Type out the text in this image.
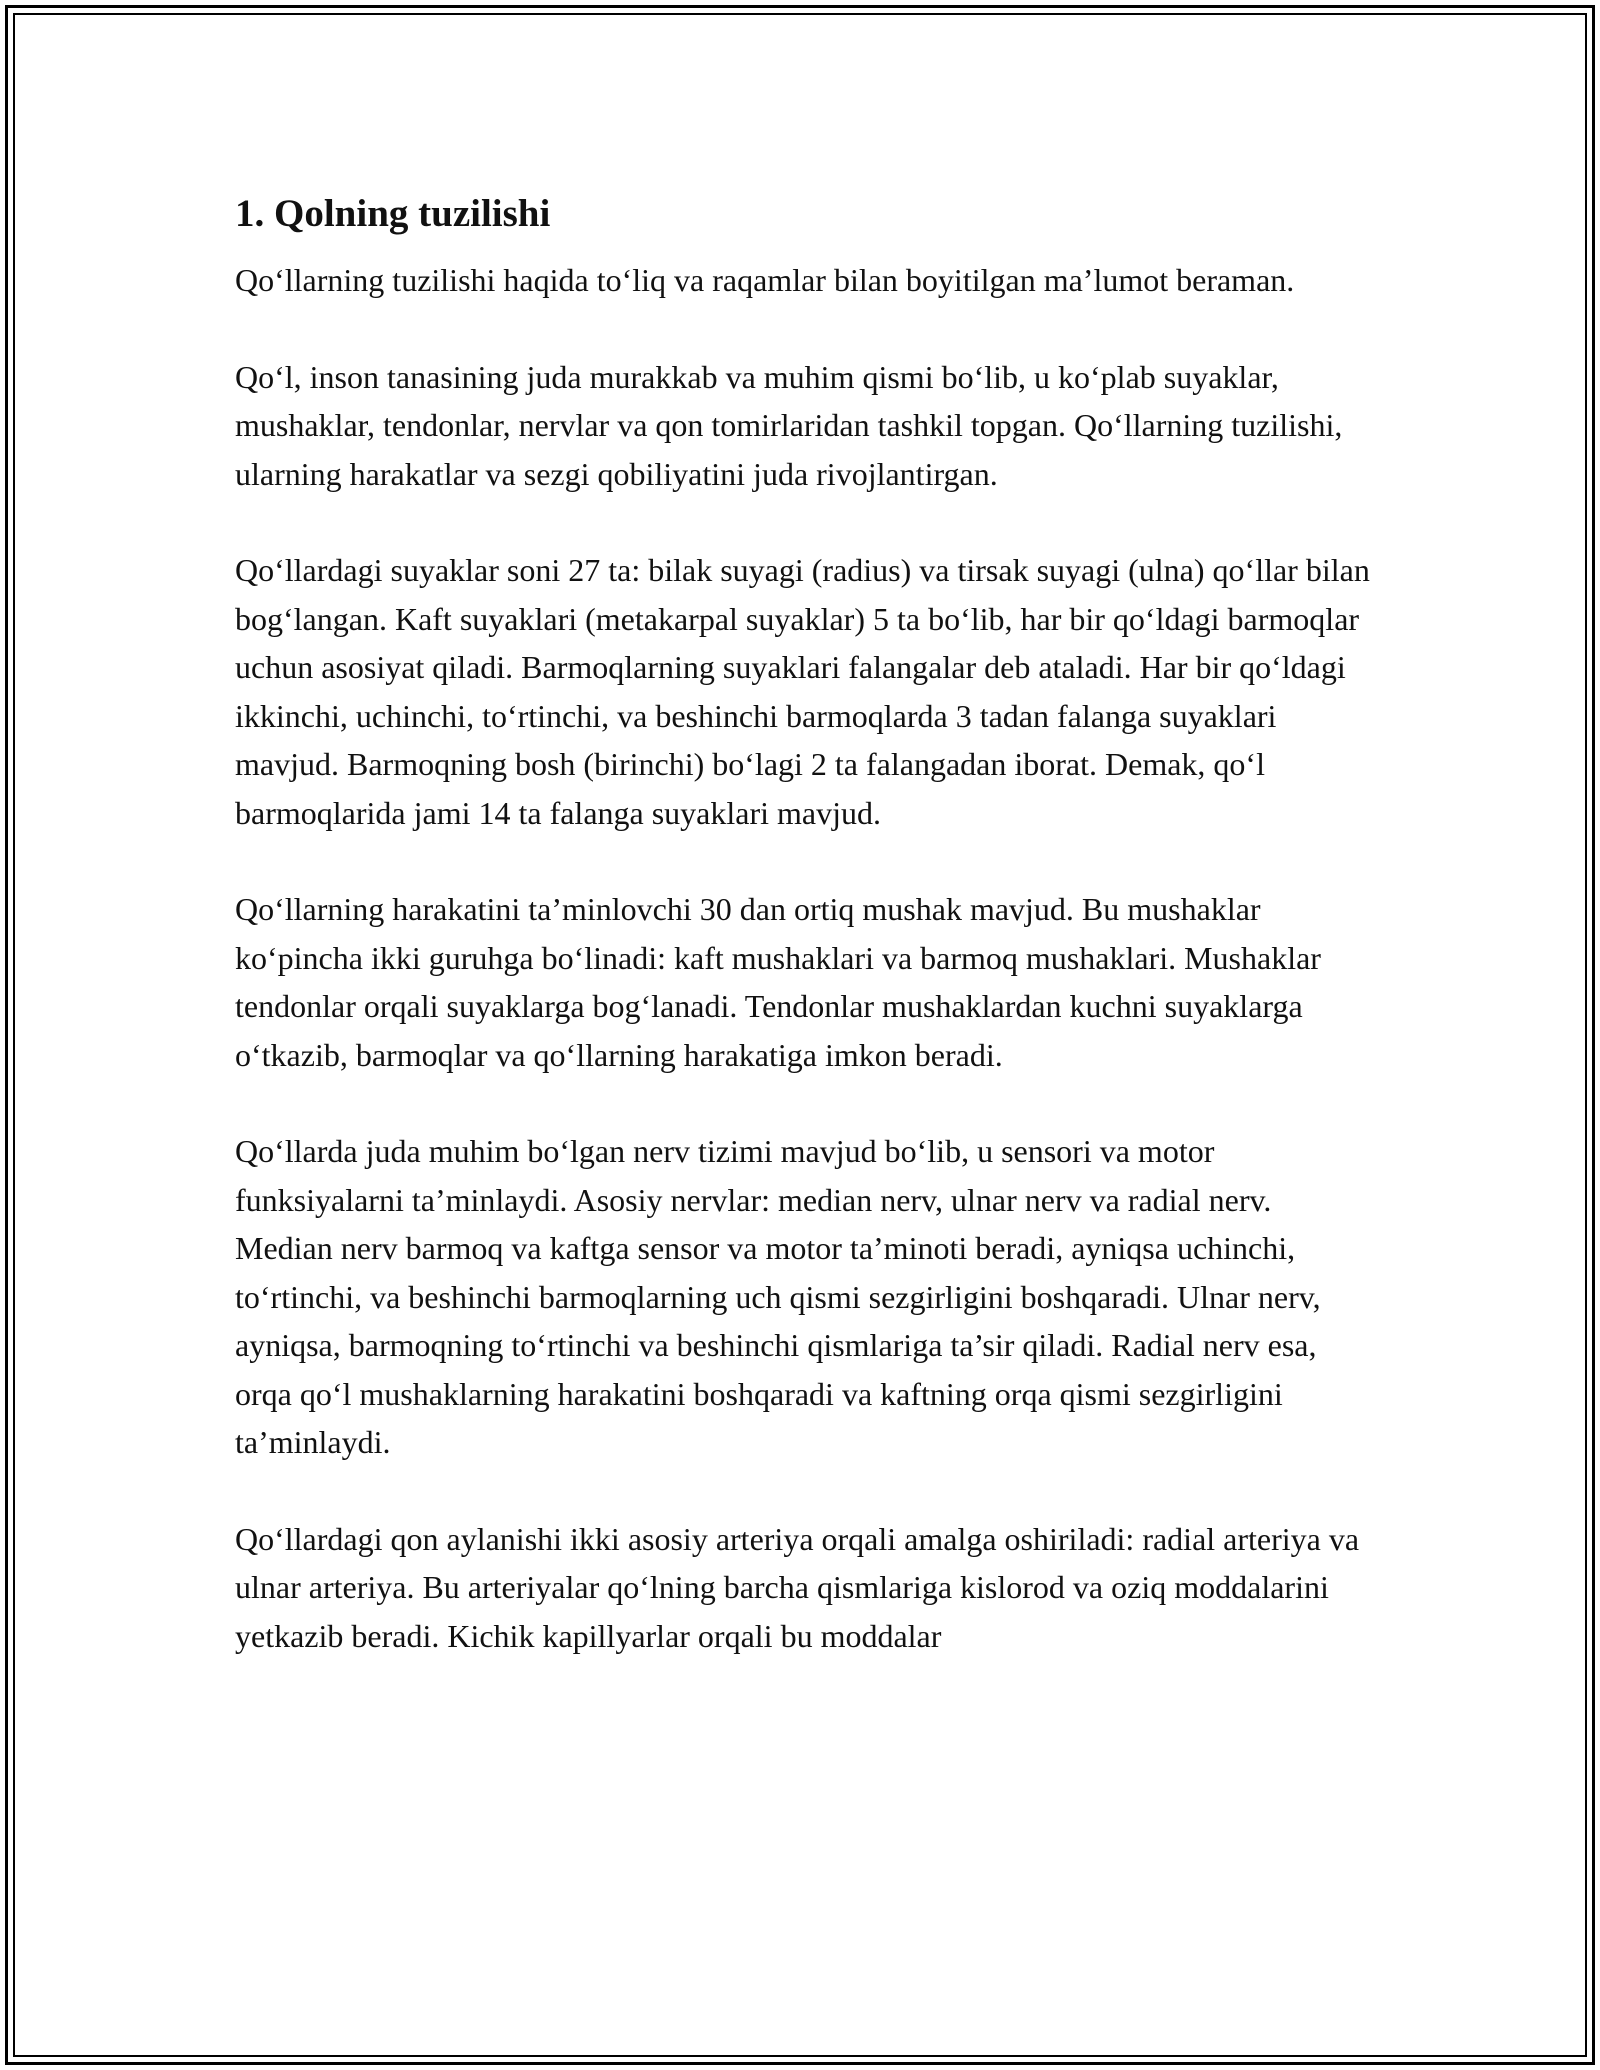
1. Qolning tuzilishi

Qo‘llarning tuzilishi haqida to‘liq va raqamlar bilan boyitilgan ma’lumot beraman.

Qo‘l, inson tanasining juda murakkab va muhim qismi bo‘lib, u ko‘plab suyaklar, mushaklar, tendonlar, nervlar va qon tomirlaridan tashkil topgan. Qo‘llarning tuzilishi, ularning harakatlar va sezgi qobiliyatini juda rivojlantirgan.

Qo‘llardagi suyaklar soni 27 ta: bilak suyagi (radius) va tirsak suyagi (ulna) qo‘llar bilan bog‘langan. Kaft suyaklari (metakarpal suyaklar) 5 ta bo‘lib, har bir qo‘ldagi barmoqlar uchun asosiyat qiladi. Barmoqlarning suyaklari falangalar deb ataladi. Har bir qo‘ldagi ikkinchi, uchinchi, to‘rtinchi, va beshinchi barmoqlarda 3 tadan falanga suyaklari mavjud. Barmoqning bosh (birinchi) bo‘lagi 2 ta falangadan iborat. Demak, qo‘l barmoqlarida jami 14 ta falanga suyaklari mavjud.

Qo‘llarning harakatini ta’minlovchi 30 dan ortiq mushak mavjud. Bu mushaklar ko‘pincha ikki guruhga bo‘linadi: kaft mushaklari va barmoq mushaklari. Mushaklar tendonlar orqali suyaklarga bog‘lanadi. Tendonlar mushaklardan kuchni suyaklarga o‘tkazib, barmoqlar va qo‘llarning harakatiga imkon beradi.

Qo‘llarda juda muhim bo‘lgan nerv tizimi mavjud bo‘lib, u sensori va motor funksiyalarni ta’minlaydi. Asosiy nervlar: median nerv, ulnar nerv va radial nerv. Median nerv barmoq va kaftga sensor va motor ta’minoti beradi, ayniqsa uchinchi, to‘rtinchi, va beshinchi barmoqlarning uch qismi sezgirligini boshqaradi. Ulnar nerv, ayniqsa, barmoqning to‘rtinchi va beshinchi qismlariga ta’sir qiladi. Radial nerv esa, orqa qo‘l mushaklarning harakatini boshqaradi va kaftning orqa qismi sezgirligini ta’minlaydi.

Qo‘llardagi qon aylanishi ikki asosiy arteriya orqali amalga oshiriladi: radial arteriya va ulnar arteriya. Bu arteriyalar qo‘lning barcha qismlariga kislorod va oziq moddalarini yetkazib beradi. Kichik kapillyarlar orqali bu moddalar
